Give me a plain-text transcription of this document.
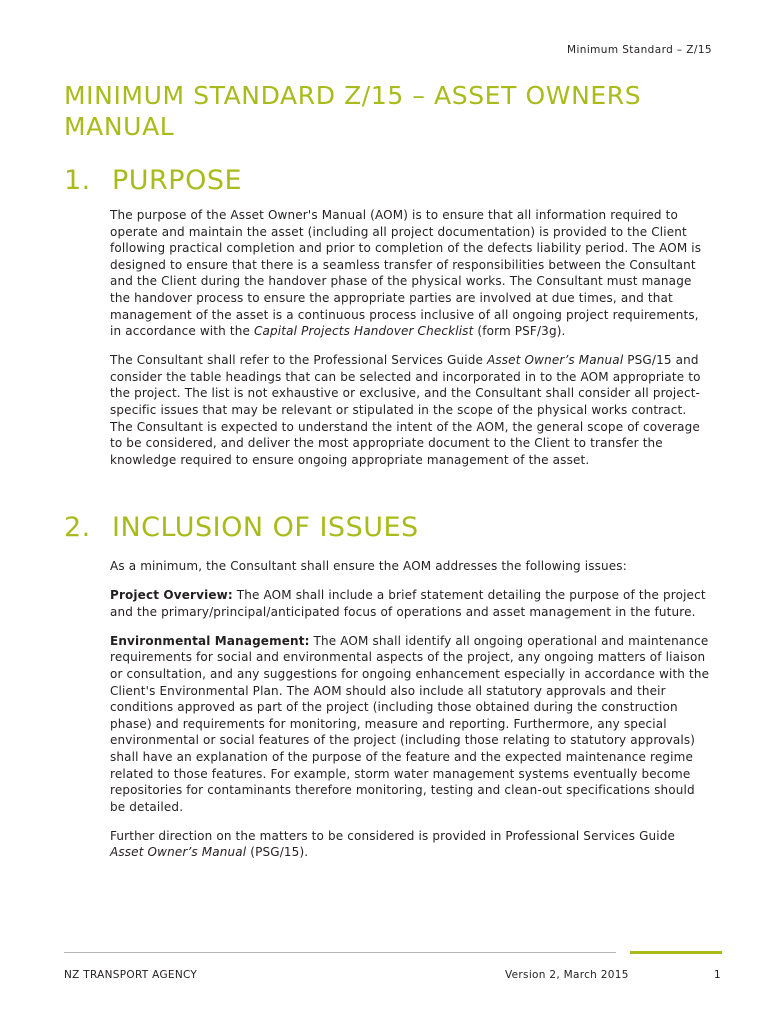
Minimum Standard – Z/15
MINIMUM STANDARD Z/15 – ASSET OWNERS MANUAL
1. PURPOSE

The purpose of the Asset Owner's Manual (AOM) is to ensure that all information required to operate and maintain the asset (including all project documentation) is provided to the Client following practical completion and prior to completion of the defects liability period. The AOM is designed to ensure that there is a seamless transfer of responsibilities between the Consultant and the Client during the handover phase of the physical works. The Consultant must manage the handover process to ensure the appropriate parties are involved at due times, and that management of the asset is a continuous process inclusive of all ongoing project requirements, in accordance with the Capital Projects Handover Checklist (form PSF/3g).

The Consultant shall refer to the Professional Services Guide Asset Owner’s Manual PSG/15 and consider the table headings that can be selected and incorporated in to the AOM appropriate to the project. The list is not exhaustive or exclusive, and the Consultant shall consider all project-specific issues that may be relevant or stipulated in the scope of the physical works contract. The Consultant is expected to understand the intent of the AOM, the general scope of coverage to be considered, and deliver the most appropriate document to the Client to transfer the knowledge required to ensure ongoing appropriate management of the asset.

2. INCLUSION OF ISSUES

As a minimum, the Consultant shall ensure the AOM addresses the following issues:

Project Overview: The AOM shall include a brief statement detailing the purpose of the project and the primary/principal/anticipated focus of operations and asset management in the future.

Environmental Management: The AOM shall identify all ongoing operational and maintenance requirements for social and environmental aspects of the project, any ongoing matters of liaison or consultation, and any suggestions for ongoing enhancement especially in accordance with the Client's Environmental Plan. The AOM should also include all statutory approvals and their conditions approved as part of the project (including those obtained during the construction phase) and requirements for monitoring, measure and reporting. Furthermore, any special environmental or social features of the project (including those relating to statutory approvals) shall have an explanation of the purpose of the feature and the expected maintenance regime related to those features. For example, storm water management systems eventually become repositories for contaminants therefore monitoring, testing and clean-out specifications should be detailed.

Further direction on the matters to be considered is provided in Professional Services Guide Asset Owner’s Manual (PSG/15).

NZ TRANSPORT AGENCY	Version 2, March 2015	1
